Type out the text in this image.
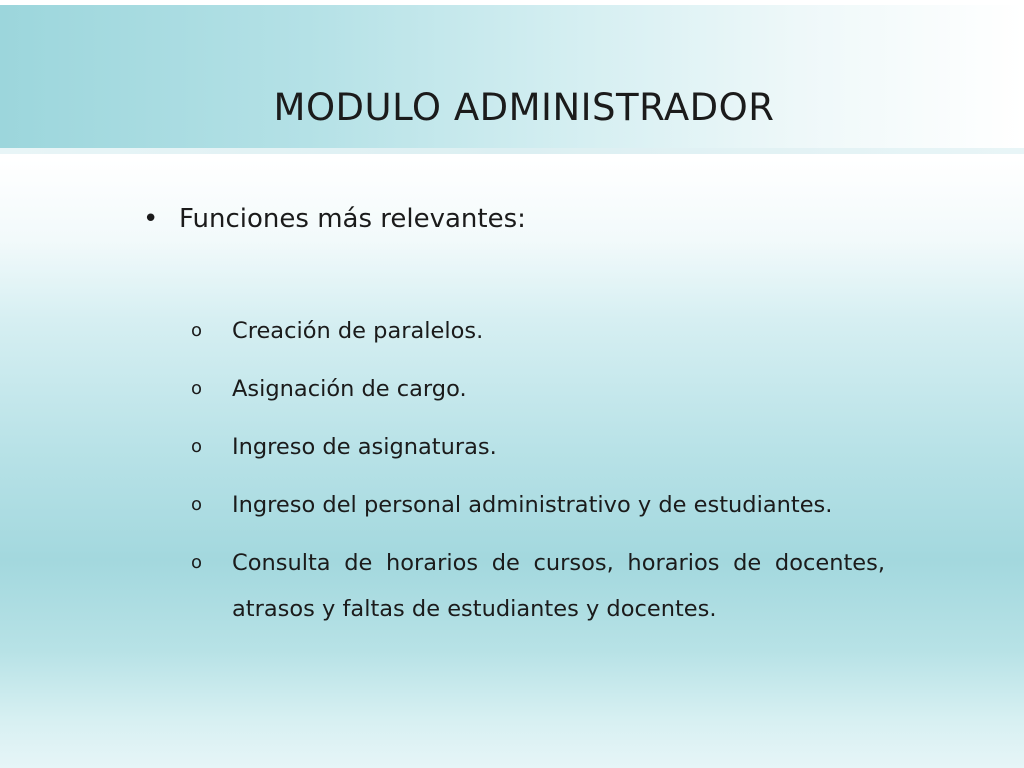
MODULO ADMINISTRADOR
• Funciones más relevantes:
o Creación de paralelos.
o Asignación de cargo.
o Ingreso de asignaturas.
o Ingreso del personal administrativo y de estudiantes.
o Consulta de horarios de cursos, horarios de docentes, atrasos y faltas de estudiantes y docentes.
